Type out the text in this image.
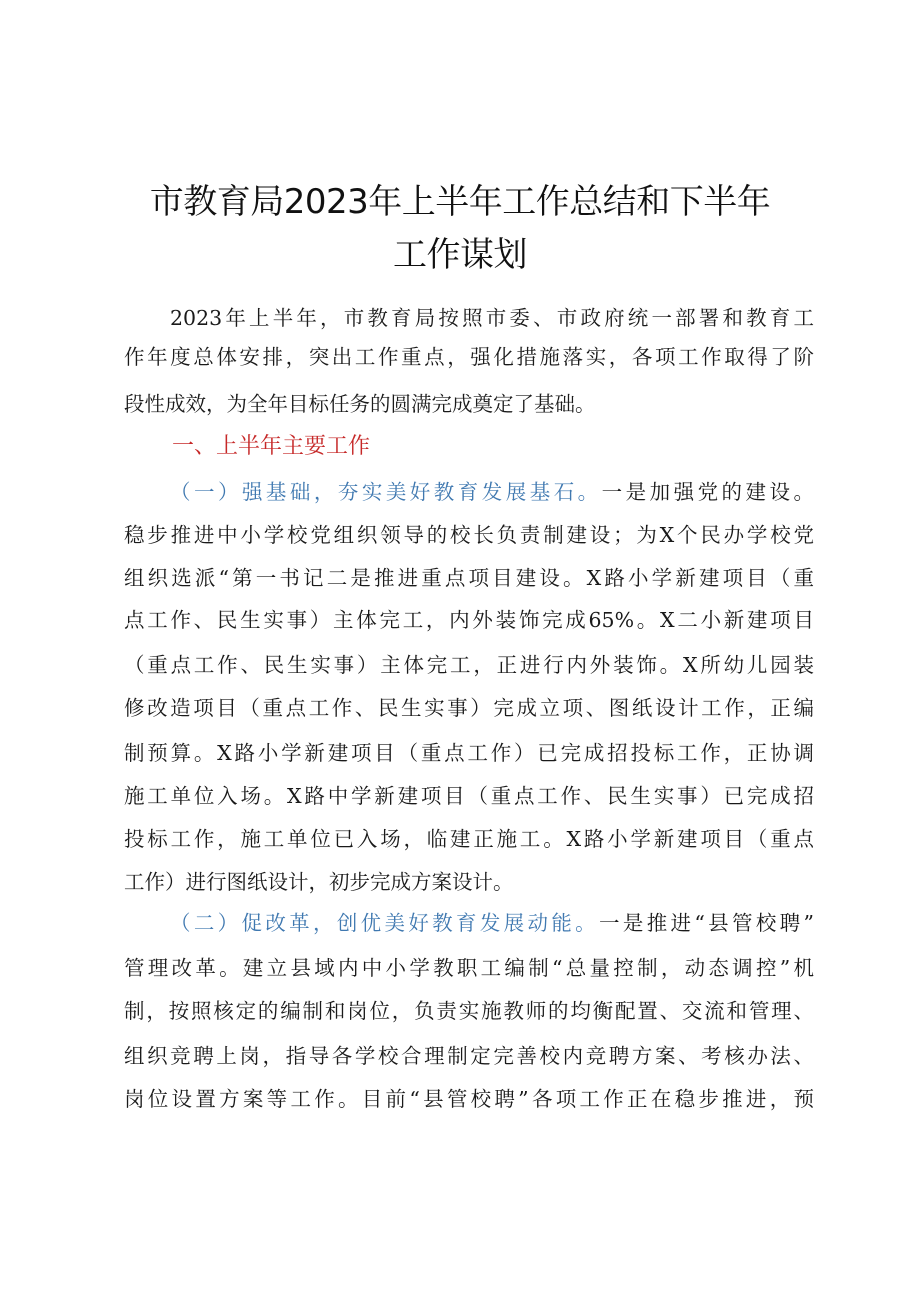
市教育局2023年上半年工作总结和下半年
工作谋划
2023年上半年，市教育局按照市委、市政府统一部署和教育工
作年度总体安排，突出工作重点，强化措施落实，各项工作取得了阶
段性成效，为全年目标任务的圆满完成奠定了基础。
一、上半年主要工作
（一）强基础，夯实美好教育发展基石。一是加强党的建设。
稳步推进中小学校党组织领导的校长负责制建设；为X个民办学校党
组织选派“第一书记二是推进重点项目建设。X路小学新建项目（重
点工作、民生实事）主体完工，内外装饰完成65%。X二小新建项目
（重点工作、民生实事）主体完工，正进行内外装饰。X所幼儿园装
修改造项目（重点工作、民生实事）完成立项、图纸设计工作，正编
制预算。X路小学新建项目（重点工作）已完成招投标工作，正协调
施工单位入场。X路中学新建项目（重点工作、民生实事）已完成招
投标工作，施工单位已入场，临建正施工。X路小学新建项目（重点
工作）进行图纸设计，初步完成方案设计。
（二）促改革，创优美好教育发展动能。一是推进“县管校聘”
管理改革。建立县域内中小学教职工编制“总量控制，动态调控”机
制，按照核定的编制和岗位，负责实施教师的均衡配置、交流和管理、
组织竞聘上岗，指导各学校合理制定完善校内竞聘方案、考核办法、
岗位设置方案等工作。目前“县管校聘”各项工作正在稳步推进，预
